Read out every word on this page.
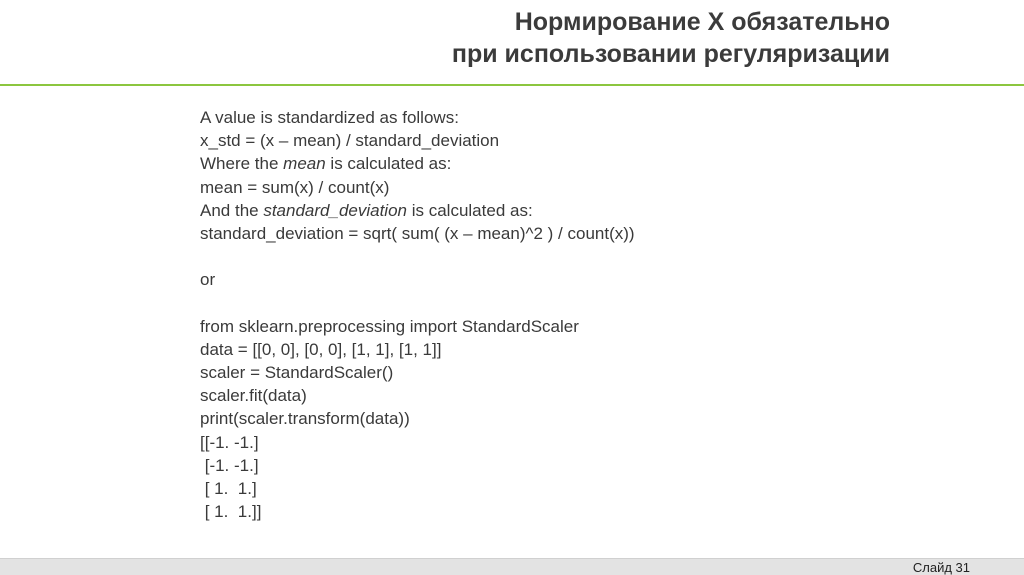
Нормирование X обязательно
при использовании регуляризации
A value is standardized as follows:
x_std = (x – mean) / standard_deviation
Where the mean is calculated as:
mean = sum(x) / count(x)
And the standard_deviation is calculated as:
standard_deviation = sqrt( sum( (x – mean)^2 ) / count(x))
or
from sklearn.preprocessing import StandardScaler
data = [[0, 0], [0, 0], [1, 1], [1, 1]]
scaler = StandardScaler()
scaler.fit(data)
print(scaler.transform(data))
[[-1. -1.]
[-1. -1.]
[ 1.  1.]
[ 1.  1.]]
Слайд 31
